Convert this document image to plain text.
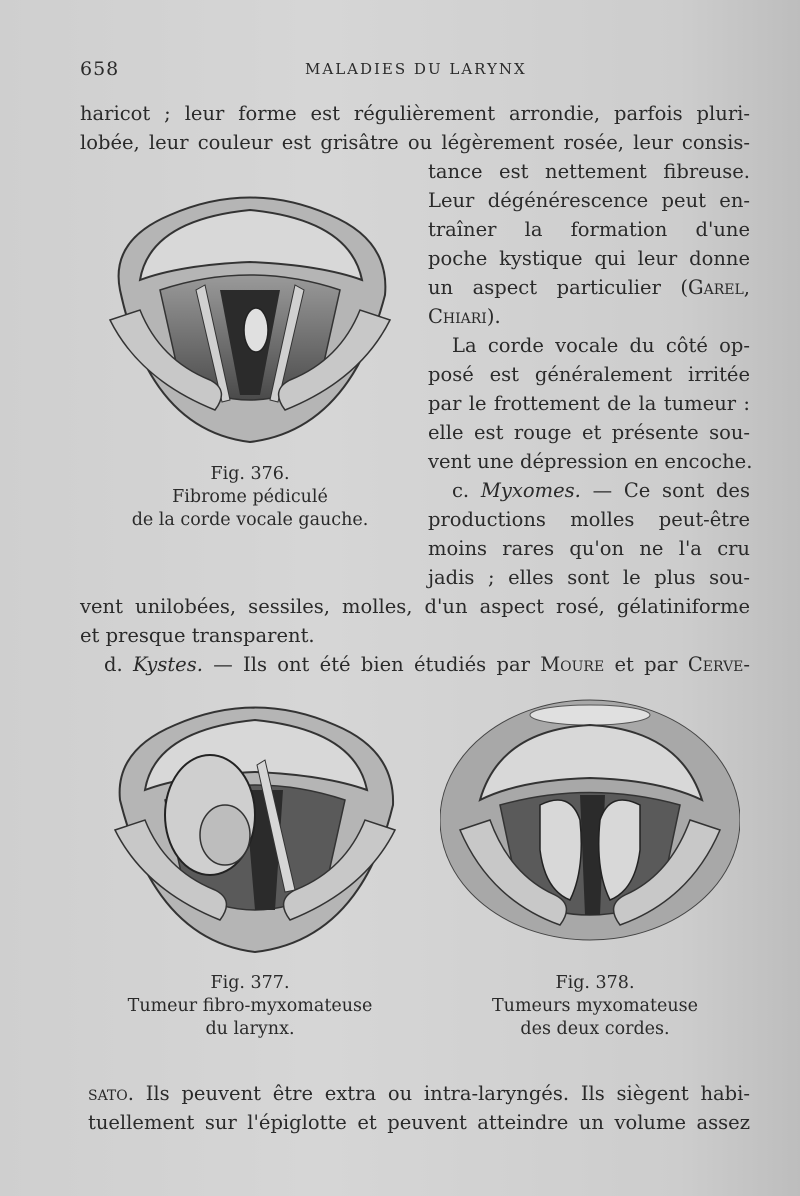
658	MALADIES DU LARYNX
haricot ; leur forme est régulièrement arrondie, parfois pluri-
lobée, leur couleur est grisâtre ou légèrement rosée, leur consis-
tance est nettement fibreuse.
Leur dégénérescence peut en-
traîner la formation d'une
poche kystique qui leur donne
un aspect particulier (Garel,
Chiari).
La corde vocale du côté op-
posé est généralement irritée
par le frottement de la tumeur :
elle est rouge et présente sou-
vent une dépression en encoche.
c. Myxomes. — Ce sont des
productions molles peut-être
moins rares qu'on ne l'a cru
jadis ; elles sont le plus sou-
vent unilobées, sessiles, molles, d'un aspect rosé, gélatiniforme
et presque transparent.
d. Kystes. — Ils ont été bien étudiés par Moure et par Cerve-
sato. Ils peuvent être extra ou intra-laryngés. Ils siègent habi-
tuellement sur l'épiglotte et peuvent atteindre un volume assez
Fig. 376.
Fibrome pédiculé
de la corde vocale gauche.
Fig. 377.
Tumeur fibro-myxomateuse
du larynx.
Fig. 378.
Tumeurs myxomateuse
des deux cordes.
